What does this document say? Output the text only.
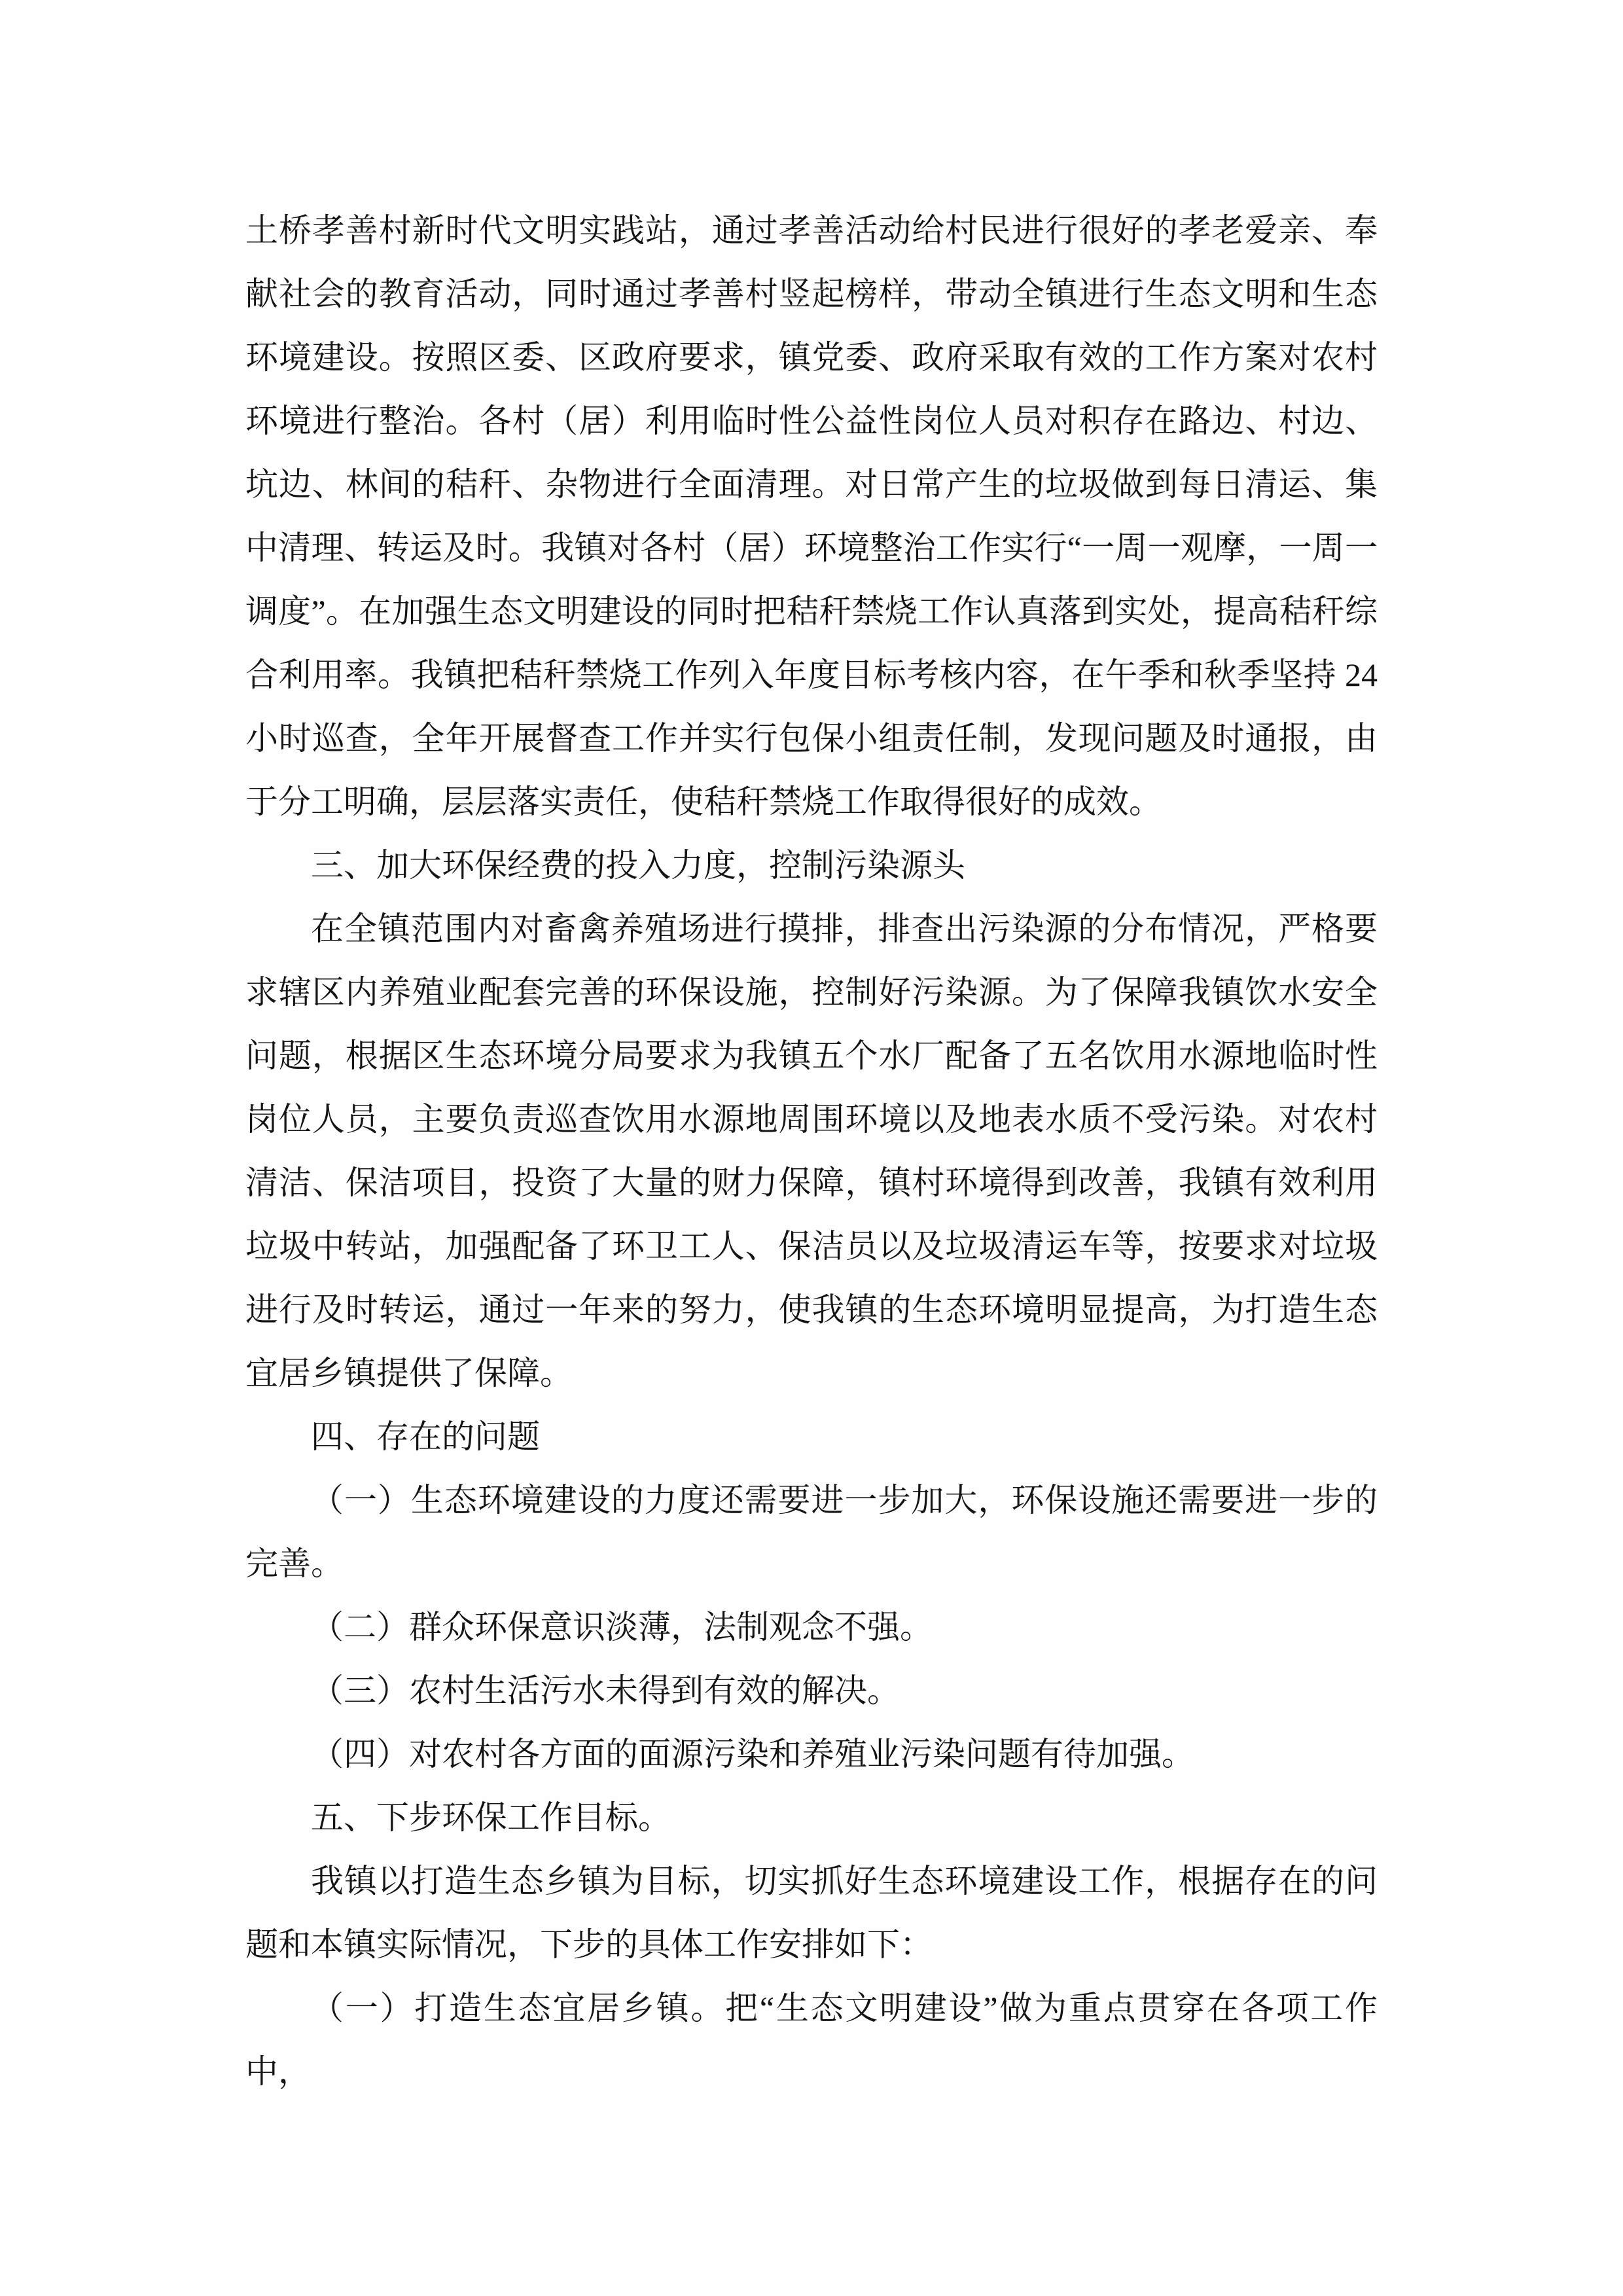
土桥孝善村新时代文明实践站，通过孝善活动给村民进行很好的孝老爱亲、奉献社会的教育活动，同时通过孝善村竖起榜样，带动全镇进行生态文明和生态环境建设。按照区委、区政府要求，镇党委、政府采取有效的工作方案对农村环境进行整治。各村（居）利用临时性公益性岗位人员对积存在路边、村边、坑边、林间的秸秆、杂物进行全面清理。对日常产生的垃圾做到每日清运、集中清理、转运及时。我镇对各村（居）环境整治工作实行“一周一观摩，一周一调度”。在加强生态文明建设的同时把秸秆禁烧工作认真落到实处，提高秸秆综合利用率。我镇把秸秆禁烧工作列入年度目标考核内容，在午季和秋季坚持 24 小时巡查，全年开展督查工作并实行包保小组责任制，发现问题及时通报，由于分工明确，层层落实责任，使秸秆禁烧工作取得很好的成效。

三、加大环保经费的投入力度，控制污染源头

在全镇范围内对畜禽养殖场进行摸排，排查出污染源的分布情况，严格要求辖区内养殖业配套完善的环保设施，控制好污染源。为了保障我镇饮水安全问题，根据区生态环境分局要求为我镇五个水厂配备了五名饮用水源地临时性岗位人员，主要负责巡查饮用水源地周围环境以及地表水质不受污染。对农村清洁、保洁项目，投资了大量的财力保障，镇村环境得到改善，我镇有效利用垃圾中转站，加强配备了环卫工人、保洁员以及垃圾清运车等，按要求对垃圾进行及时转运，通过一年来的努力，使我镇的生态环境明显提高，为打造生态宜居乡镇提供了保障。

四、存在的问题

（一）生态环境建设的力度还需要进一步加大，环保设施还需要进一步的完善。

（二）群众环保意识淡薄，法制观念不强。

（三）农村生活污水未得到有效的解决。

（四）对农村各方面的面源污染和养殖业污染问题有待加强。

五、下步环保工作目标。

我镇以打造生态乡镇为目标，切实抓好生态环境建设工作，根据存在的问题和本镇实际情况，下步的具体工作安排如下：

（一）打造生态宜居乡镇。把“生态文明建设”做为重点贯穿在各项工作中，
